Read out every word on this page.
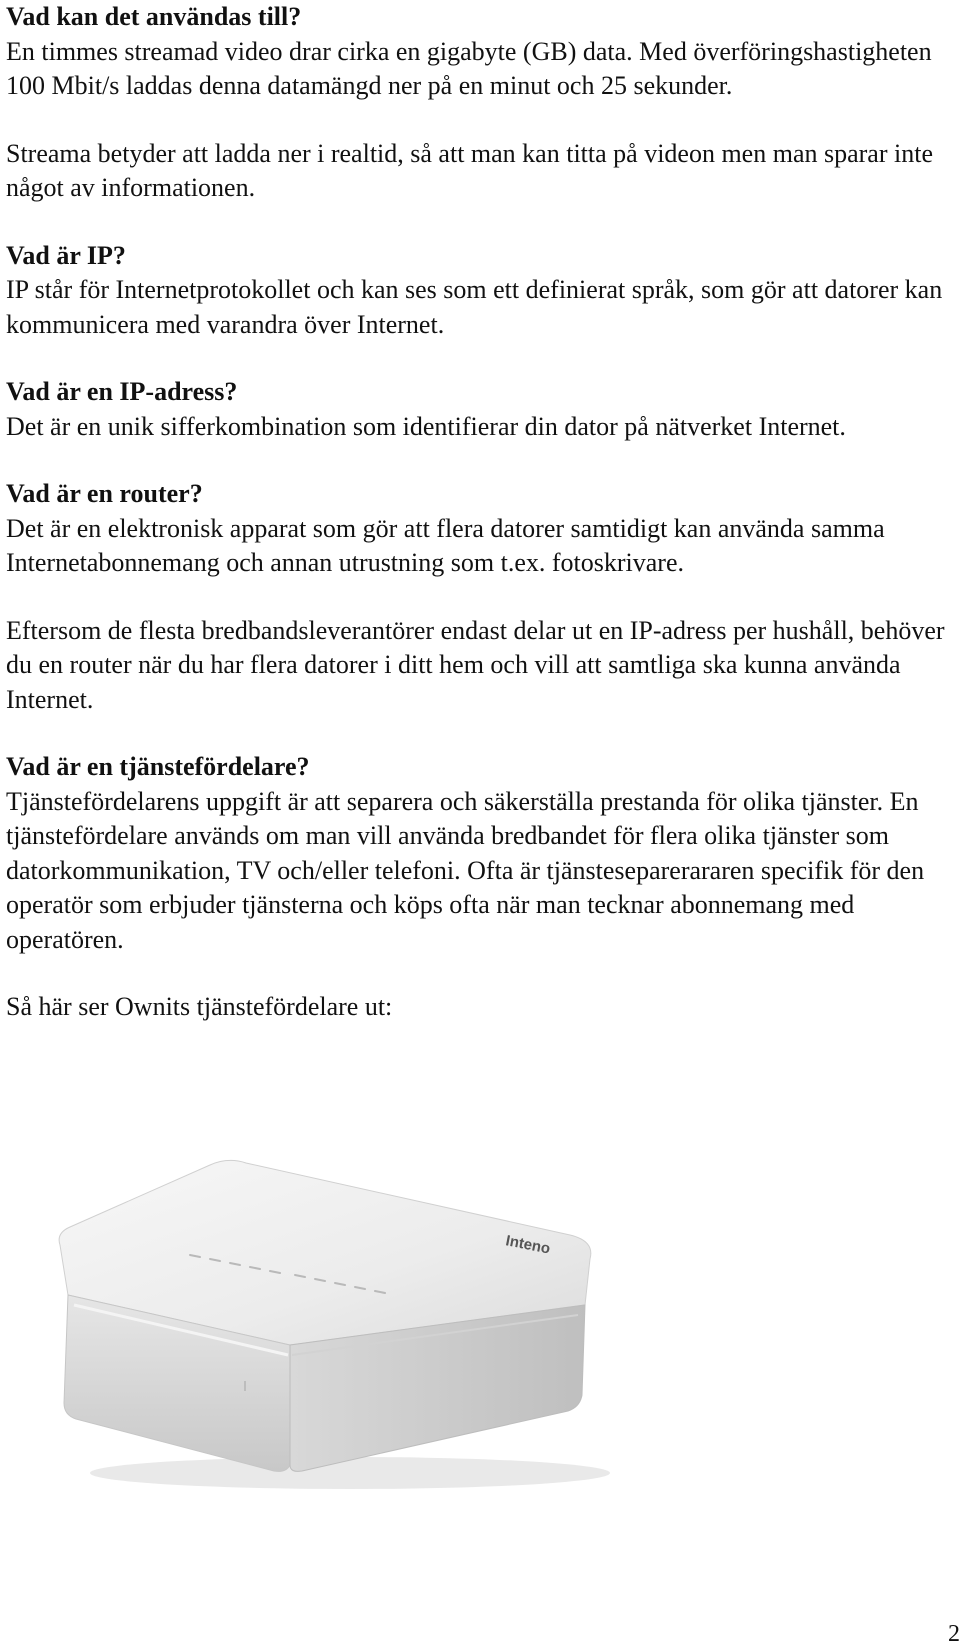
Vad kan det användas till?

En timmes streamad video drar cirka en gigabyte (GB) data. Med överföringshastigheten 100 Mbit/s laddas denna datamängd ner på en minut och 25 sekunder.

Streama betyder att ladda ner i realtid, så att man kan titta på videon men man sparar inte något av informationen.

Vad är IP?

IP står för Internetprotokollet och kan ses som ett definierat språk, som gör att datorer kan kommunicera med varandra över Internet.

Vad är en IP-adress?

Det är en unik sifferkombination som identifierar din dator på nätverket Internet.

Vad är en router?

Det är en elektronisk apparat som gör att flera datorer samtidigt kan använda samma Internetabonnemang och annan utrustning som t.ex. fotoskrivare.

Eftersom de flesta bredbandsleverantörer endast delar ut en IP-adress per hushåll, behöver du en router när du har flera datorer i ditt hem och vill att samtliga ska kunna använda Internet.

Vad är en tjänstefördelare?

Tjänstefördelarens uppgift är att separera och säkerställa prestanda för olika tjänster. En tjänstefördelare används om man vill använda bredbandet för flera olika tjänster som datorkommunikation, TV och/eller telefoni. Ofta är tjänsteseparerararen specifik för den operatör som erbjuder tjänsterna och köps ofta när man tecknar abonnemang med operatören.

Så här ser Ownits tjänstefördelare ut:

Inteno
2
